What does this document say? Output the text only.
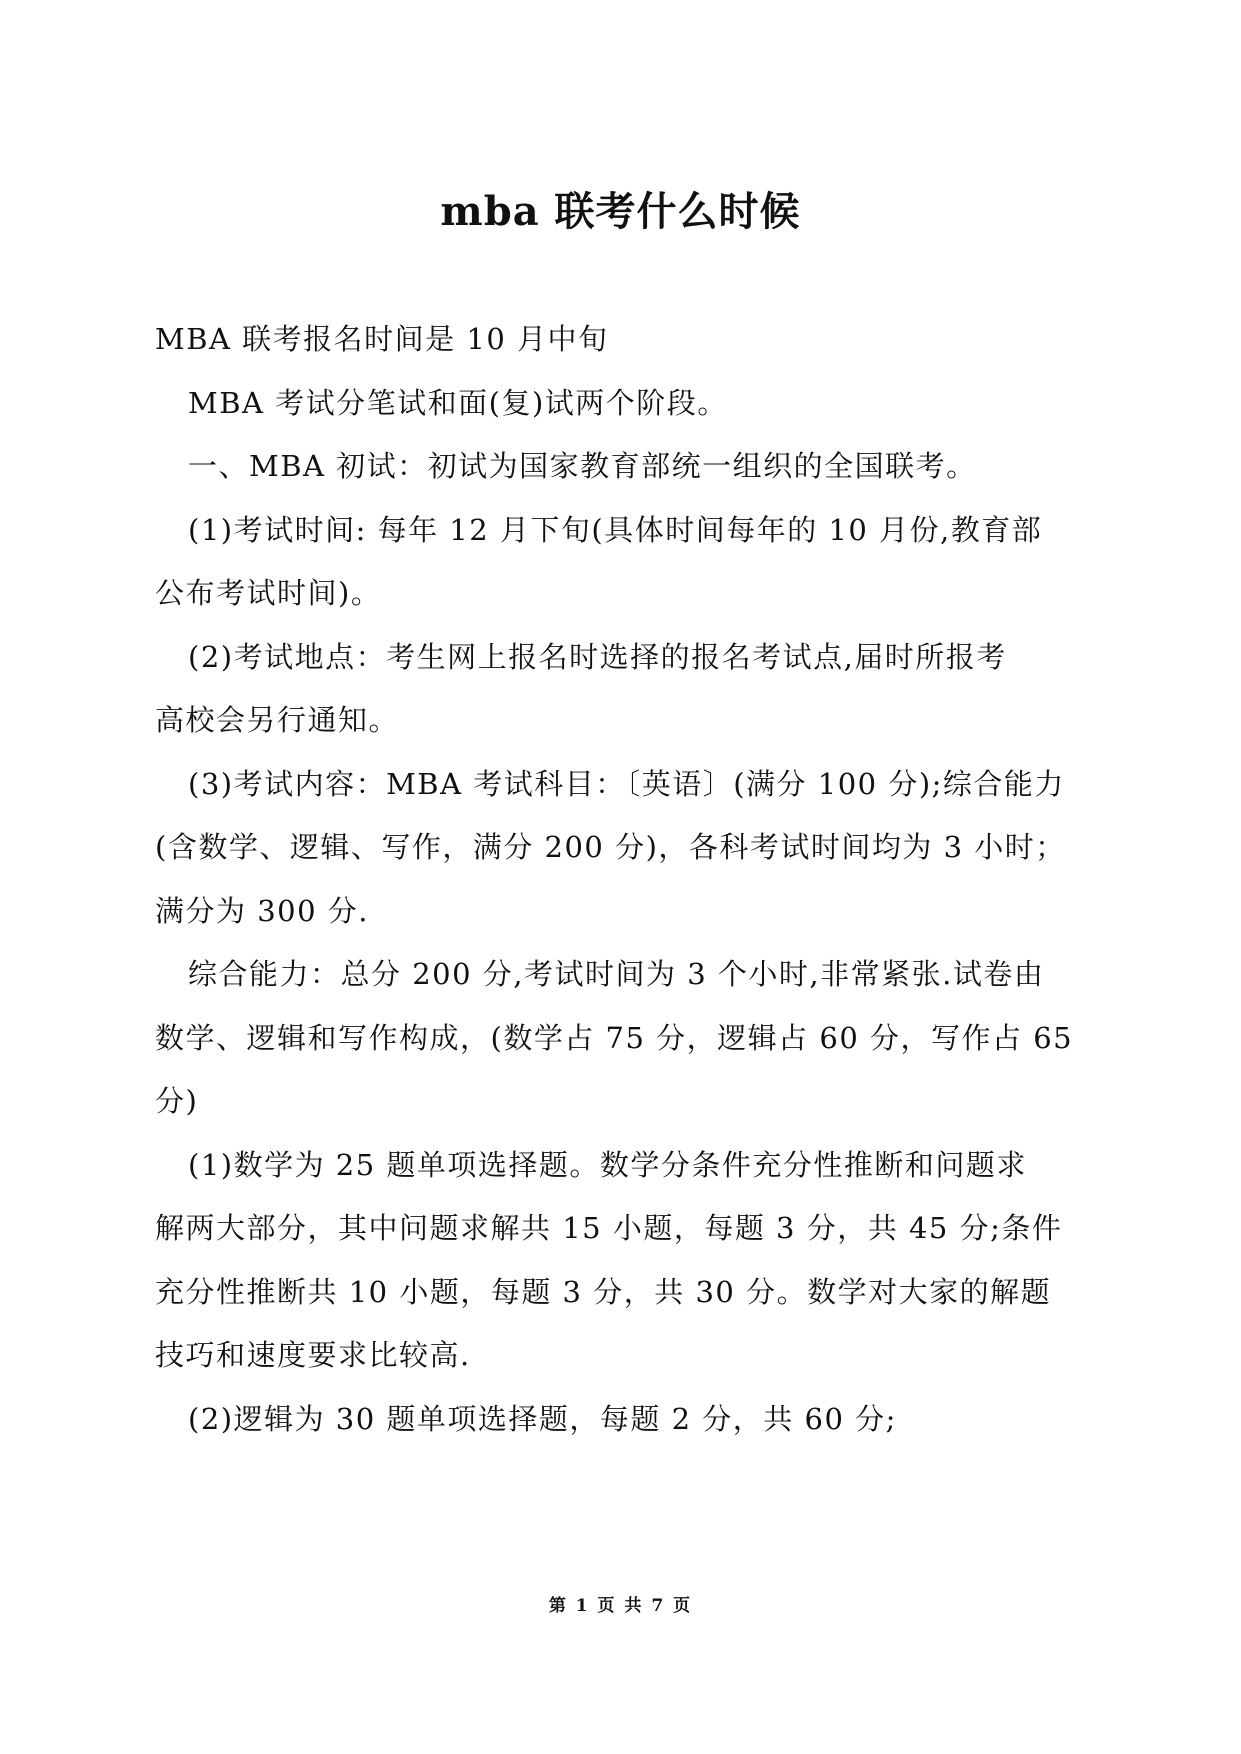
mba 联考什么时候
MBA 联考报名时间是 10 月中旬
MBA 考试分笔试和面(复)试两个阶段。
一、MBA 初试：初试为国家教育部统一组织的全国联考。
(1)考试时间: 每年 12 月下旬(具体时间每年的 10 月份,教育部
公布考试时间)。
(2)考试地点：考生网上报名时选择的报名考试点,届时所报考
高校会另行通知。
(3)考试内容：MBA 考试科目：〔英语〕(满分 100 分);综合能力
(含数学、逻辑、写作，满分 200 分)，各科考试时间均为 3 小时；
满分为 300 分.
综合能力：总分 200 分,考试时间为 3 个小时,非常紧张.试卷由
数学、逻辑和写作构成，(数学占 75 分，逻辑占 60 分，写作占 65
分)
(1)数学为 25 题单项选择题。数学分条件充分性推断和问题求
解两大部分，其中问题求解共 15 小题，每题 3 分，共 45 分;条件
充分性推断共 10 小题，每题 3 分，共 30 分。数学对大家的解题
技巧和速度要求比较高.
(2)逻辑为 30 题单项选择题，每题 2 分，共 60 分;
第 1 页 共 7 页
